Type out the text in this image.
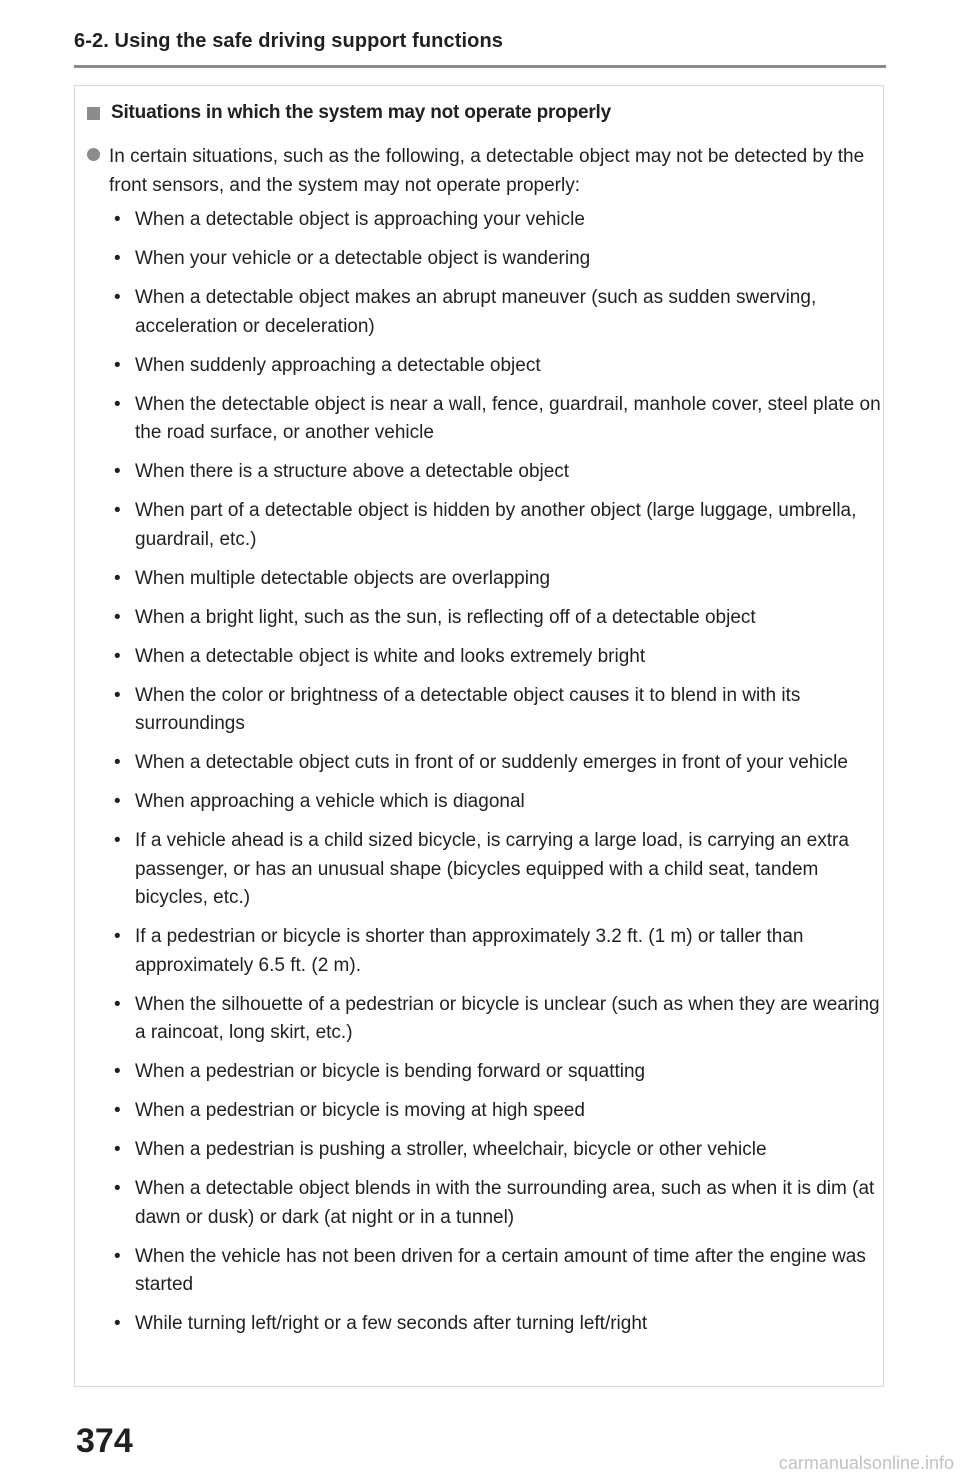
6-2. Using the safe driving support functions
Situations in which the system may not operate properly
In certain situations, such as the following, a detectable object may not be detected by the front sensors, and the system may not operate properly:
• When a detectable object is approaching your vehicle
• When your vehicle or a detectable object is wandering
• When a detectable object makes an abrupt maneuver (such as sudden swerving, acceleration or deceleration)
• When suddenly approaching a detectable object
• When the detectable object is near a wall, fence, guardrail, manhole cover, steel plate on the road surface, or another vehicle
• When there is a structure above a detectable object
• When part of a detectable object is hidden by another object (large luggage, umbrella, guardrail, etc.)
• When multiple detectable objects are overlapping
• When a bright light, such as the sun, is reflecting off of a detectable object
• When a detectable object is white and looks extremely bright
• When the color or brightness of a detectable object causes it to blend in with its surroundings
• When a detectable object cuts in front of or suddenly emerges in front of your vehicle
• When approaching a vehicle which is diagonal
• If a vehicle ahead is a child sized bicycle, is carrying a large load, is carrying an extra passenger, or has an unusual shape (bicycles equipped with a child seat, tandem bicycles, etc.)
• If a pedestrian or bicycle is shorter than approximately 3.2 ft. (1 m) or taller than approximately 6.5 ft. (2 m).
• When the silhouette of a pedestrian or bicycle is unclear (such as when they are wearing a raincoat, long skirt, etc.)
• When a pedestrian or bicycle is bending forward or squatting
• When a pedestrian or bicycle is moving at high speed
• When a pedestrian is pushing a stroller, wheelchair, bicycle or other vehicle
• When a detectable object blends in with the surrounding area, such as when it is dim (at dawn or dusk) or dark (at night or in a tunnel)
• When the vehicle has not been driven for a certain amount of time after the engine was started
• While turning left/right or a few seconds after turning left/right
374
carmanualsonline.info
